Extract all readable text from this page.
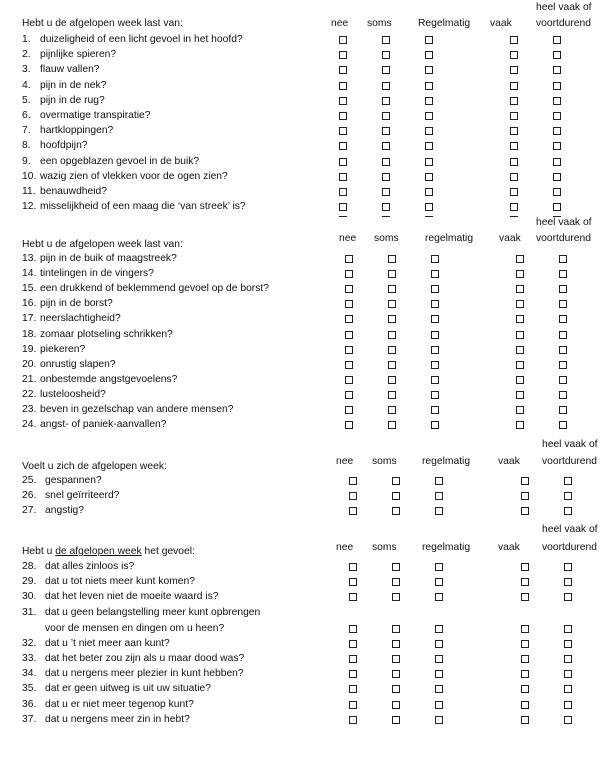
heel vaak of
Hebt u de afgelopen week last van:	nee soms	Regelmatig vaak voortdurend
1. duizeligheid of een licht gevoel in het hoofd?
2. pijnlijke spieren?
3. flauw vallen?
4. pijn in de nek?
5. pijn in de rug?
6. overmatige transpiratie?
7. hartkloppingen?
8. hoofdpijn?
9. een opgeblazen gevoel in de buik?
10. wazig zien of vlekken voor de ogen zien?
11. benauwdheid?
12. misselijkheid of een maag die ‘van streek’ is?
heel vaak of
nee soms	regelmatig	vaak voortdurend
Hebt u de afgelopen week last van:
13. pijn in de buik of maagstreek?
14. tintelingen in de vingers?
15. een drukkend of beklemmend gevoel op de borst?
16. pijn in de borst?
17. neerslachtigheid?
18. zomaar plotseling schrikken?
19. piekeren?
20. onrustig slapen?
21. onbestemde angstgevoelens?
22. lusteloosheid?
23. beven in gezelschap van andere mensen?
24. angst- of paniek-aanvallen?
heel vaak of
nee soms regelmatig	vaak voortdurend
Voelt u zich de afgelopen week:
25. gespannen?
26. snel geïrriteerd?
27. angstig?
heel vaak of
nee soms regelmatig	vaak voortdurend
Hebt u de afgelopen week het gevoel:
28. dat alles zinloos is?
29. dat u tot niets meer kunt komen?
30. dat het leven niet de moeite waard is?
31. dat u geen belangstelling meer kunt opbrengen
voor de mensen en dingen om u heen?
32. dat u ’t niet meer aan kunt?
33. dat het beter zou zijn als u maar dood was?
34. dat u nergens meer plezier in kunt hebben?
35. dat er geen uitweg is uit uw situatie?
36. dat u er niet meer tegenop kunt?
37. dat u nergens meer zin in hebt?
